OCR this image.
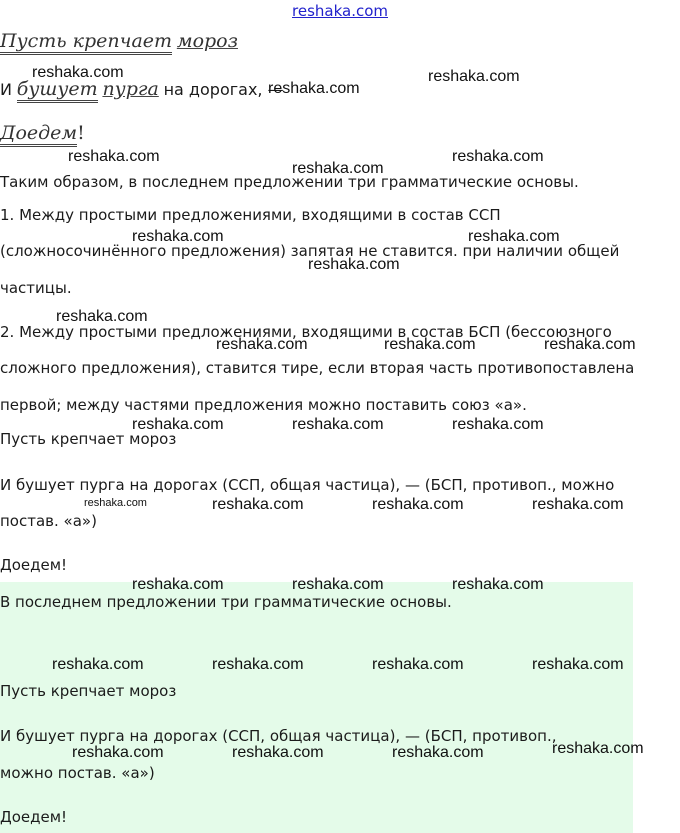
reshaka.com
Пусть крепчает мороз
И бушует пурга на дорогах, —
Доедем!
Таким образом, в последнем предложении три грамматические основы.
1. Между простыми предложениями, входящими в состав ССП
(сложносочинённого предложения) запятая не ставится. при наличии общей
частицы.
2. Между простыми предложениями, входящими в состав БСП (бессоюзного
сложного предложения), ставится тире, если вторая часть противопоставлена
первой; между частями предложения можно поставить союз «а».
Пусть крепчает мороз
И бушует пурга на дорогах (ССП, общая частица), — (БСП, противоп., можно
постав. «а»)
Доедем!
В последнем предложении три грамматические основы.
Пусть крепчает мороз
И бушует пурга на дорогах (ССП, общая частица), — (БСП, противоп.,
можно постав. «а»)
Доедем!
reshaka.com	reshaka.com
reshaka.com
reshaka.com	reshaka.com
reshaka.com
reshaka.com	reshaka.com
reshaka.com
reshaka.com
reshaka.com	reshaka.com	reshaka.com
reshaka.com	reshaka.com	reshaka.com
reshaka.com	reshaka.com	reshaka.com	reshaka.com
reshaka.com	reshaka.com	reshaka.com
reshaka.com	reshaka.com	reshaka.com	reshaka.com
reshaka.com
reshaka.com	reshaka.com	reshaka.com
